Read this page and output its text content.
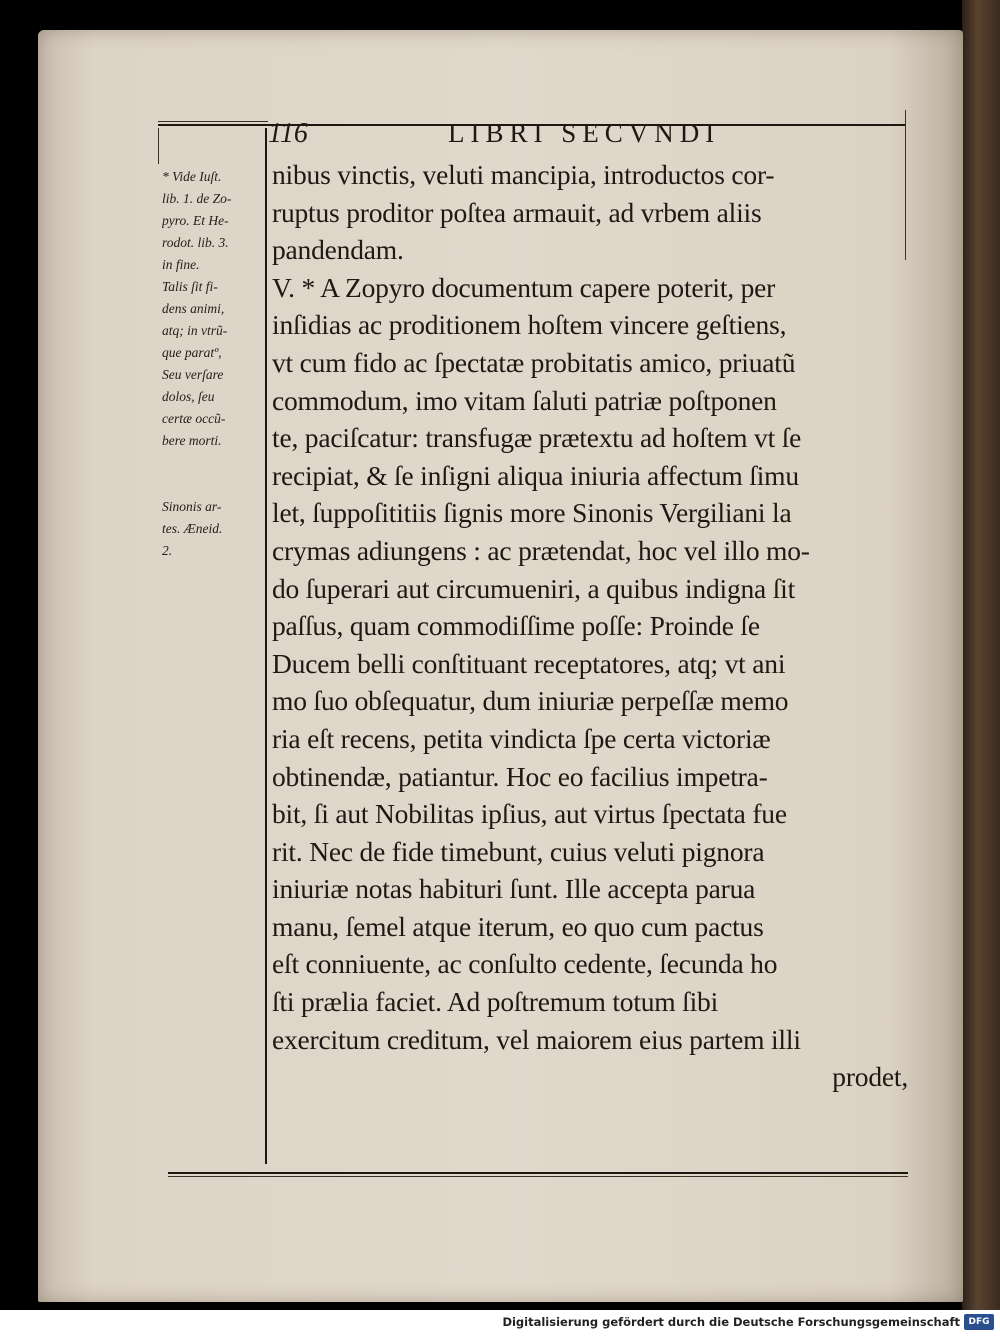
116	LIBRI SECVNDI
* Vide Iuſt.
lib. 1. de Zo-
pyro. Et He-
rodot. lib. 3.
in fine.
Talis ſit fi-
dens animi,
atq; in vtrũ-
que paratº,
Seu verſare
dolos, ſeu
certæ occũ-
bere morti.
Sinonis ar-
tes. Æneid.
2.
nibus vinctis, veluti mancipia, introductos cor-
ruptus proditor poſtea armauit, ad vrbem aliis
pandendam.
V. * A Zopyro documentum capere poterit, per
inſidias ac proditionem hoſtem vincere geſtiens,
vt cum fido ac ſpectatæ probitatis amico, priuatũ
commodum, imo vitam ſaluti patriæ poſtponen
te, paciſcatur: transfugæ prætextu ad hoſtem vt ſe
recipiat, & ſe inſigni aliqua iniuria affectum ſimu
let, ſuppoſititiis ſignis more Sinonis Vergiliani la
crymas adiungens : ac prætendat, hoc vel illo mo-
do ſuperari aut circumueniri, a quibus indigna ſit
paſſus, quam commodiſſime poſſe: Proinde ſe
Ducem belli conſtituant receptatores, atq; vt ani
mo ſuo obſequatur, dum iniuriæ perpeſſæ memo
ria eſt recens, petita vindicta ſpe certa victoriæ
obtinendæ, patiantur. Hoc eo facilius impetra-
bit, ſi aut Nobilitas ipſius, aut virtus ſpectata fue
rit. Nec de fide timebunt, cuius veluti pignora
iniuriæ notas habituri ſunt. Ille accepta parua
manu, ſemel atque iterum, eo quo cum pactus
eſt conniuente, ac conſulto cedente, ſecunda ho
ſti prælia faciet. Ad poſtremum totum ſibi
exercitum creditum, vel maiorem eius partem illi
prodet,
Digitalisierung gefördert durch die Deutsche Forschungsgemeinschaft DFG
